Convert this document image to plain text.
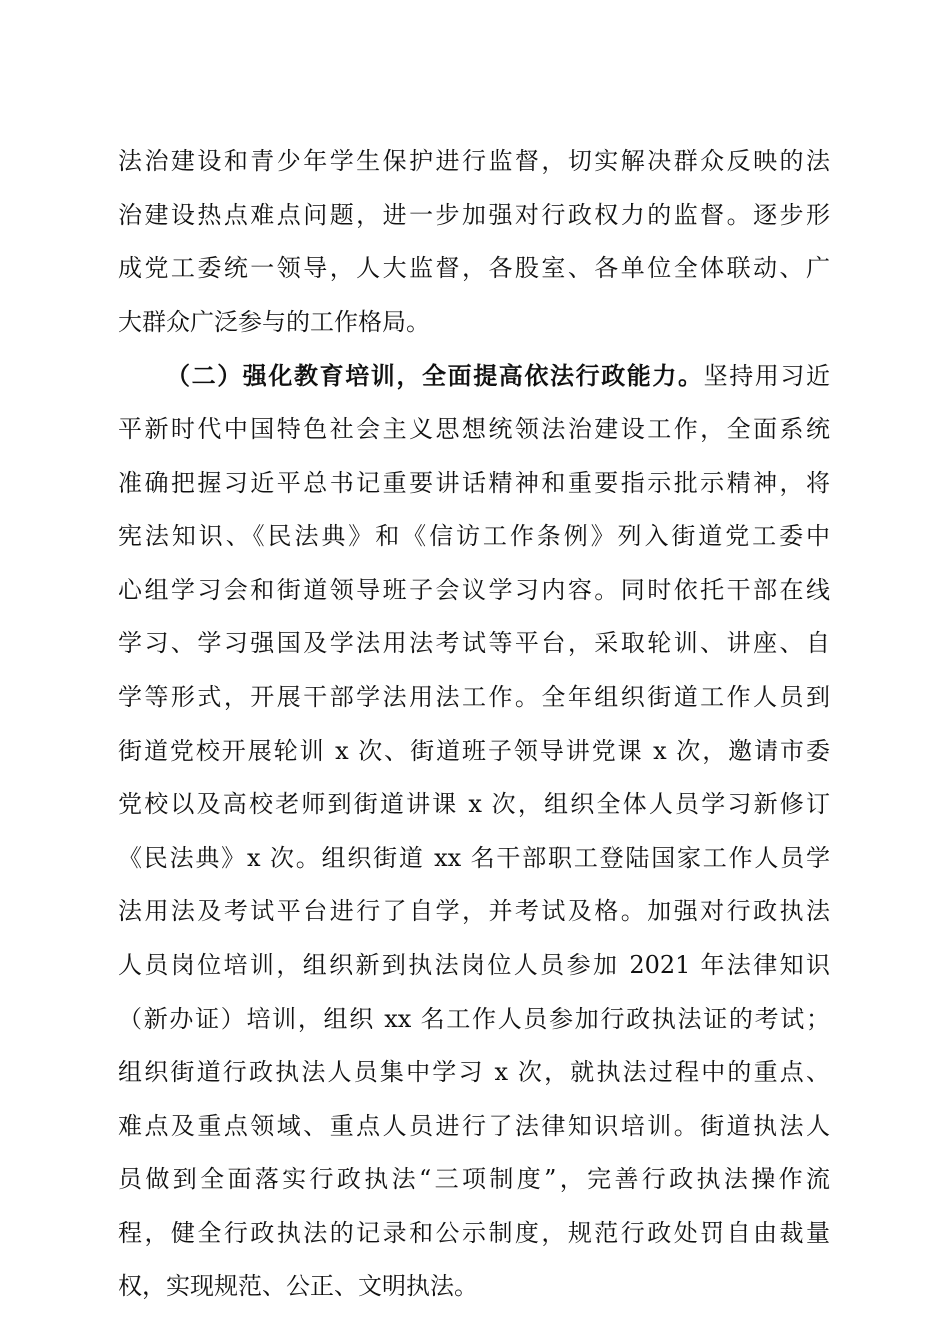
法治建设和青少年学生保护进行监督，切实解决群众反映的法
治建设热点难点问题，进一步加强对行政权力的监督。逐步形
成党工委统一领导，人大监督，各股室、各单位全体联动、广
大群众广泛参与的工作格局。
（二）强化教育培训，全面提高依法行政能力。坚持用习近
平新时代中国特色社会主义思想统领法治建设工作，全面系统
准确把握习近平总书记重要讲话精神和重要指示批示精神，将
宪法知识、《民法典》和《信访工作条例》列入街道党工委中
心组学习会和街道领导班子会议学习内容。同时依托干部在线
学习、学习强国及学法用法考试等平台，采取轮训、讲座、自
学等形式，开展干部学法用法工作。全年组织街道工作人员到
街道党校开展轮训 x 次、街道班子领导讲党课 x 次，邀请市委
党校以及高校老师到街道讲课 x 次，组织全体人员学习新修订
《民法典》x 次。组织街道 xx 名干部职工登陆国家工作人员学
法用法及考试平台进行了自学，并考试及格。加强对行政执法
人员岗位培训，组织新到执法岗位人员参加 2021 年法律知识
（新办证）培训，组织 xx 名工作人员参加行政执法证的考试；
组织街道行政执法人员集中学习 x 次，就执法过程中的重点、
难点及重点领域、重点人员进行了法律知识培训。街道执法人
员做到全面落实行政执法“三项制度”，完善行政执法操作流
程，健全行政执法的记录和公示制度，规范行政处罚自由裁量
权，实现规范、公正、文明执法。
